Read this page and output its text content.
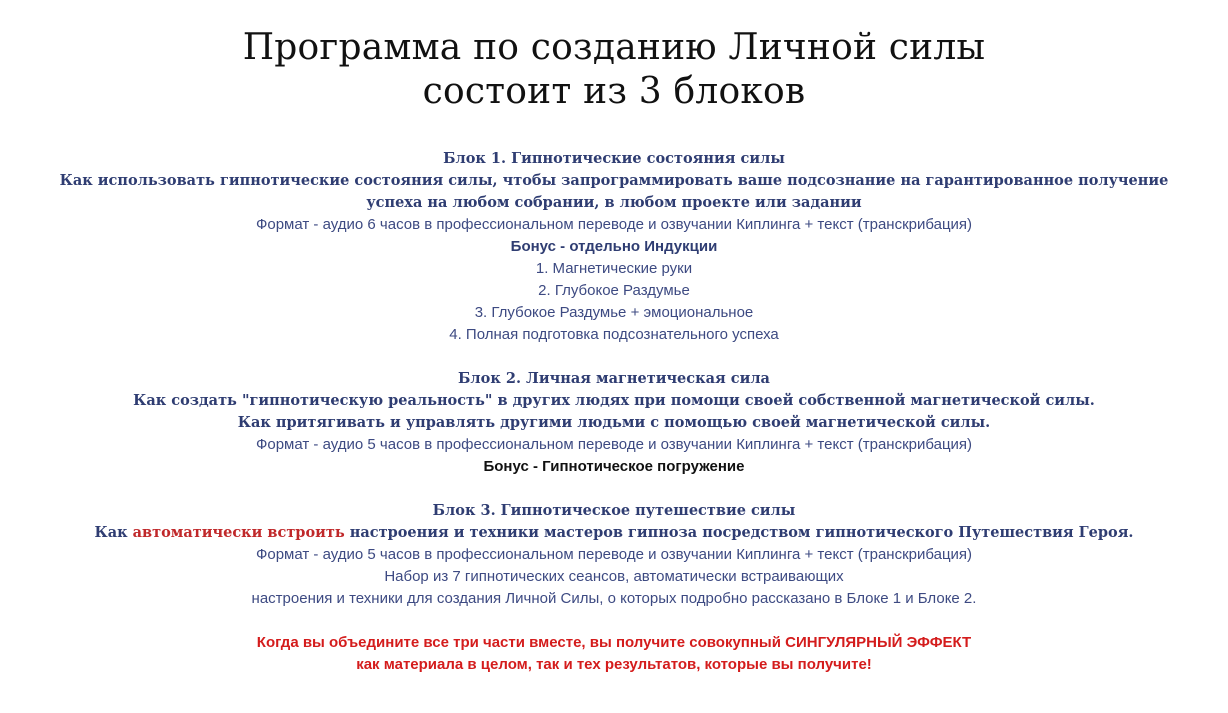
Программа по созданию Личной силы
состоит из 3 блоков
Блок 1. Гипнотические состояния силы
Как использовать гипнотические состояния силы, чтобы запрограммировать ваше подсознание на гарантированное получение
успеха на любом собрании, в любом проекте или задании
Формат - аудио 6 часов в профессиональном переводе и озвучании Киплинга + текст (транскрибация)
Бонус - отдельно Индукции
1. Магнетические руки
2. Глубокое Раздумье
3. Глубокое Раздумье + эмоциональное
4. Полная подготовка подсознательного успеха
Блок 2. Личная магнетическая сила
Как создать "гипнотическую реальность" в других людях при помощи своей собственной магнетической силы.
Как притягивать и управлять другими людьми с помощью своей магнетической силы.
Формат - аудио 5 часов в профессиональном переводе и озвучании Киплинга + текст (транскрибация)
Бонус - Гипнотическое погружение
Блок 3. Гипнотическое путешествие силы
Как автоматически встроить настроения и техники мастеров гипноза посредством гипнотического Путешествия Героя.
Формат - аудио 5 часов в профессиональном переводе и озвучании Киплинга + текст (транскрибация)
Набор из 7 гипнотических сеансов, автоматически встраивающих
настроения и техники для создания Личной Силы, о которых подробно рассказано в Блоке 1 и Блоке 2.
Когда вы объедините все три части вместе, вы получите совокупный СИНГУЛЯРНЫЙ ЭФФЕКТ
как материала в целом, так и тех результатов, которые вы получите!
